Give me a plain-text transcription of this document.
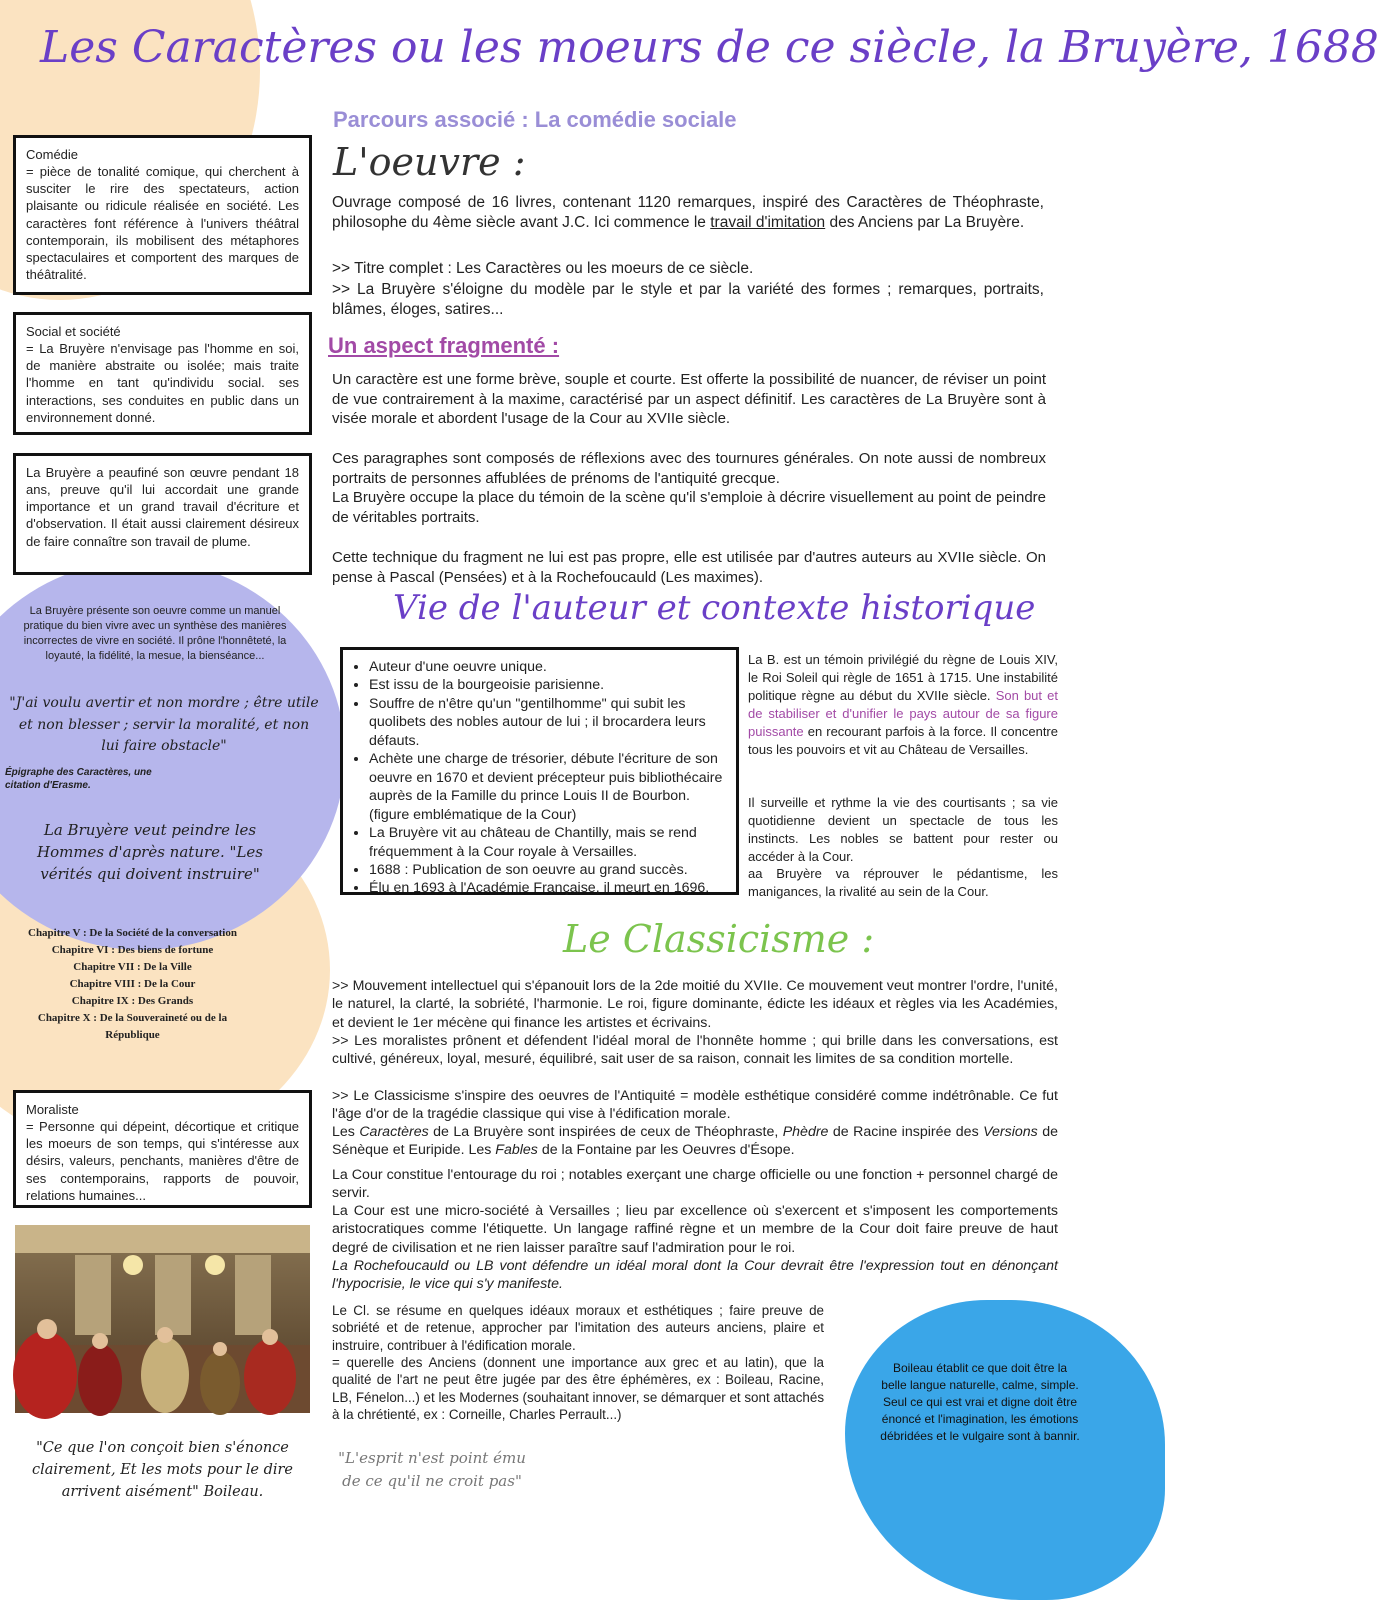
Les Caractères ou les moeurs de ce siècle, la Bruyère, 1688
Parcours associé : La comédie sociale
Comédie
= pièce de tonalité comique, qui cherchent à susciter le rire des spectateurs, action plaisante ou ridicule réalisée en société. Les caractères font référence à l'univers théâtral contemporain, ils mobilisent des métaphores spectaculaires et comportent des marques de théâtralité.
Social et société
= La Bruyère n'envisage pas l'homme en soi, de manière abstraite ou isolée; mais traite l'homme en tant qu'individu social. ses interactions, ses conduites en public dans un environnement donné.
La Bruyère a peaufiné son œuvre pendant 18 ans, preuve qu'il lui accordait une grande importance et un grand travail d'écriture et d'observation. Il était aussi clairement désireux de faire connaître son travail de plume.
La Bruyère présente son oeuvre comme un manuel pratique du bien vivre avec un synthèse des manières incorrectes de vivre en société. Il prône l'honnêteté, la loyauté, la fidélité, la mesue, la bienséance...
"J'ai voulu avertir et non mordre ; être utile et non blesser ; servir la moralité, et non lui faire obstacle"
Épigraphe des Caractères, une citation d'Erasme.
La Bruyère veut peindre les Hommes d'après nature. "Les vérités qui doivent instruire"
Chapitre V : De la Société de la conversation
Chapitre VI : Des biens de fortune
Chapitre VII : De la Ville
Chapitre VIII : De la Cour
Chapitre IX : Des Grands
Chapitre X : De la Souveraineté ou de la République
Moraliste
= Personne qui dépeint, décortique et critique les moeurs de son temps, qui s'intéresse aux désirs, valeurs, penchants, manières d'être de ses contemporains, rapports de pouvoir, relations humaines...
"Ce que l'on conçoit bien s'énonce clairement, Et les mots pour le dire arrivent aisément" Boileau.
L'oeuvre :
Ouvrage composé de 16 livres, contenant 1120 remarques, inspiré des Caractères de Théophraste, philosophe du 4ème siècle avant J.C. Ici commence le travail d'imitation des Anciens par La Bruyère.
>> Titre complet : Les Caractères ou les moeurs de ce siècle.
>> La Bruyère s'éloigne du modèle par le style et par la variété des formes ; remarques, portraits, blâmes, éloges, satires...
Un aspect fragmenté :
Un caractère est une forme brève, souple et courte. Est offerte la possibilité de nuancer, de réviser un point de vue contrairement à la maxime, caractérisé par un aspect définitif. Les caractères de La Bruyère sont à visée morale et abordent l'usage de la Cour au XVIIe siècle.
Ces paragraphes sont composés de réflexions avec des tournures générales. On note aussi de nombreux portraits de personnes affublées de prénoms de l'antiquité grecque.
La Bruyère occupe la place du témoin de la scène qu'il s'emploie à décrire visuellement au point de peindre de véritables portraits.
Cette technique du fragment ne lui est pas propre, elle est utilisée par d'autres auteurs au XVIIe siècle. On pense à Pascal (Pensées) et à la Rochefoucauld (Les maximes).
Vie de l'auteur et contexte historique
• Auteur d'une oeuvre unique.
• Est issu de la bourgeoisie parisienne.
• Souffre de n'être qu'un "gentilhomme" qui subit les quolibets des nobles autour de lui ; il brocardera leurs défauts.
• Achète une charge de trésorier, débute l'écriture de son oeuvre en 1670 et devient précepteur puis bibliothécaire auprès de la Famille du prince Louis II de Bourbon. (figure emblématique de la Cour)
• La Bruyère vit au château de Chantilly, mais se rend fréquemment à la Cour royale à Versailles.
• 1688 : Publication de son oeuvre au grand succès.
• Élu en 1693 à l'Académie Française, il meurt en 1696.
La B. est un témoin privilégié du règne de Louis XIV, le Roi Soleil qui règle de 1651 à 1715. Une instabilité politique règne au début du XVIIe siècle. Son but et de stabiliser et d'unifier le pays autour de sa figure puissante en recourant parfois à la force. Il concentre tous les pouvoirs et vit au Château de Versailles.
Il surveille et rythme la vie des courtisants ; sa vie quotidienne devient un spectacle de tous les instincts. Les nobles se battent pour rester ou accéder à la Cour.
aa Bruyère va réprouver le pédantisme, les manigances, la rivalité au sein de la Cour.
Le Classicisme :
>> Mouvement intellectuel qui s'épanouit lors de la 2de moitié du XVIIe. Ce mouvement veut montrer l'ordre, l'unité, le naturel, la clarté, la sobriété, l'harmonie. Le roi, figure dominante, édicte les idéaux et règles via les Académies, et devient le 1er mécène qui finance les artistes et écrivains.
>> Les moralistes prônent et défendent l'idéal moral de l'honnête homme ; qui brille dans les conversations, est cultivé, généreux, loyal, mesuré, équilibré, sait user de sa raison, connait les limites de sa condition mortelle.
>> Le Classicisme s'inspire des oeuvres de l'Antiquité = modèle esthétique considéré comme indétrônable. Ce fut l'âge d'or de la tragédie classique qui vise à l'édification morale.
Les Caractères de La Bruyère sont inspirées de ceux de Théophraste, Phèdre de Racine inspirée des Versions de Sénèque et Euripide. Les Fables de la Fontaine par les Oeuvres d'Ésope.
La Cour constitue l'entourage du roi ; notables exerçant une charge officielle ou une fonction + personnel chargé de servir.
La Cour est une micro-société à Versailles ; lieu par excellence où s'exercent et s'imposent les comportements aristocratiques comme l'étiquette. Un langage raffiné règne et un membre de la Cour doit faire preuve de haut degré de civilisation et ne rien laisser paraître sauf l'admiration pour le roi.
La Rochefoucauld ou LB vont défendre un idéal moral dont la Cour devrait être l'expression tout en dénonçant l'hypocrisie, le vice qui s'y manifeste.
Le Cl. se résume en quelques idéaux moraux et esthétiques ; faire preuve de sobriété et de retenue, approcher par l'imitation des auteurs anciens, plaire et instruire, contribuer à l'édification morale.
= querelle des Anciens (donnent une importance aux grec et au latin), que la qualité de l'art ne peut être jugée par des être éphémères, ex : Boileau, Racine, LB, Fénelon...) et les Modernes (souhaitant innover, se démarquer et sont attachés à la chrétienté, ex : Corneille, Charles Perrault...)
"L'esprit n'est point ému de ce qu'il ne croit pas"
Boileau établit ce que doit être la belle langue naturelle, calme, simple. Seul ce qui est vrai et digne doit être énoncé et l'imagination, les émotions débridées et le vulgaire sont à bannir.
